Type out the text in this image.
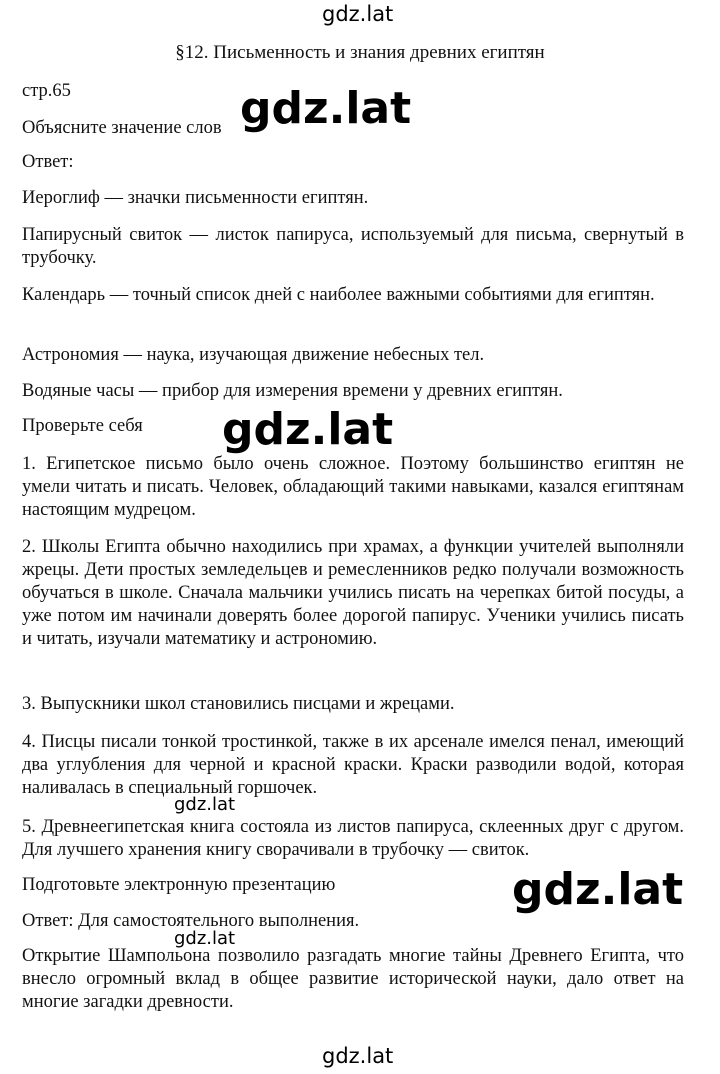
gdz.lat
§12. Письменность и знания древних египтян

стр.65

Объясните значение слов

Ответ:

Иероглиф — значки письменности египтян.

Папирусный свиток — листок папируса, используемый для письма, свернутый в трубочку.

Календарь — точный список дней с наиболее важными событиями для египтян.

Астрономия — наука, изучающая движение небесных тел.

Водяные часы — прибор для измерения времени у древних египтян.

Проверьте себя

1. Египетское письмо было очень сложное. Поэтому большинство египтян не умели читать и писать. Человек, обладающий такими навыками, казался египтянам настоящим мудрецом.

2. Школы Египта обычно находились при храмах, а функции учителей выполняли жрецы. Дети простых земледельцев и ремесленников редко получали возможность обучаться в школе. Сначала мальчики учились писать на черепках битой посуды, а уже потом им начинали доверять более дорогой папирус. Ученики учились писать и читать, изучали математику и астрономию.

3. Выпускники школ становились писцами и жрецами.

4. Писцы писали тонкой тростинкой, также в их арсенале имелся пенал, имеющий два углубления для черной и красной краски. Краски разводили водой, которая наливалась в специальный горшочек.

5. Древнеегипетская книга состояла из листов папируса, склеенных друг с другом. Для лучшего хранения книгу сворачивали в трубочку — свиток.

Подготовьте электронную презентацию

Ответ: Для самостоятельного выполнения.

Открытие Шампольона позволило разгадать многие тайны Древнего Египта, что внесло огромный вклад в общее развитие исторической науки, дало ответ на многие загадки древности.

gdz.lat
gdz.lat
gdz.lat
gdz.lat
gdz.lat
gdz.lat
